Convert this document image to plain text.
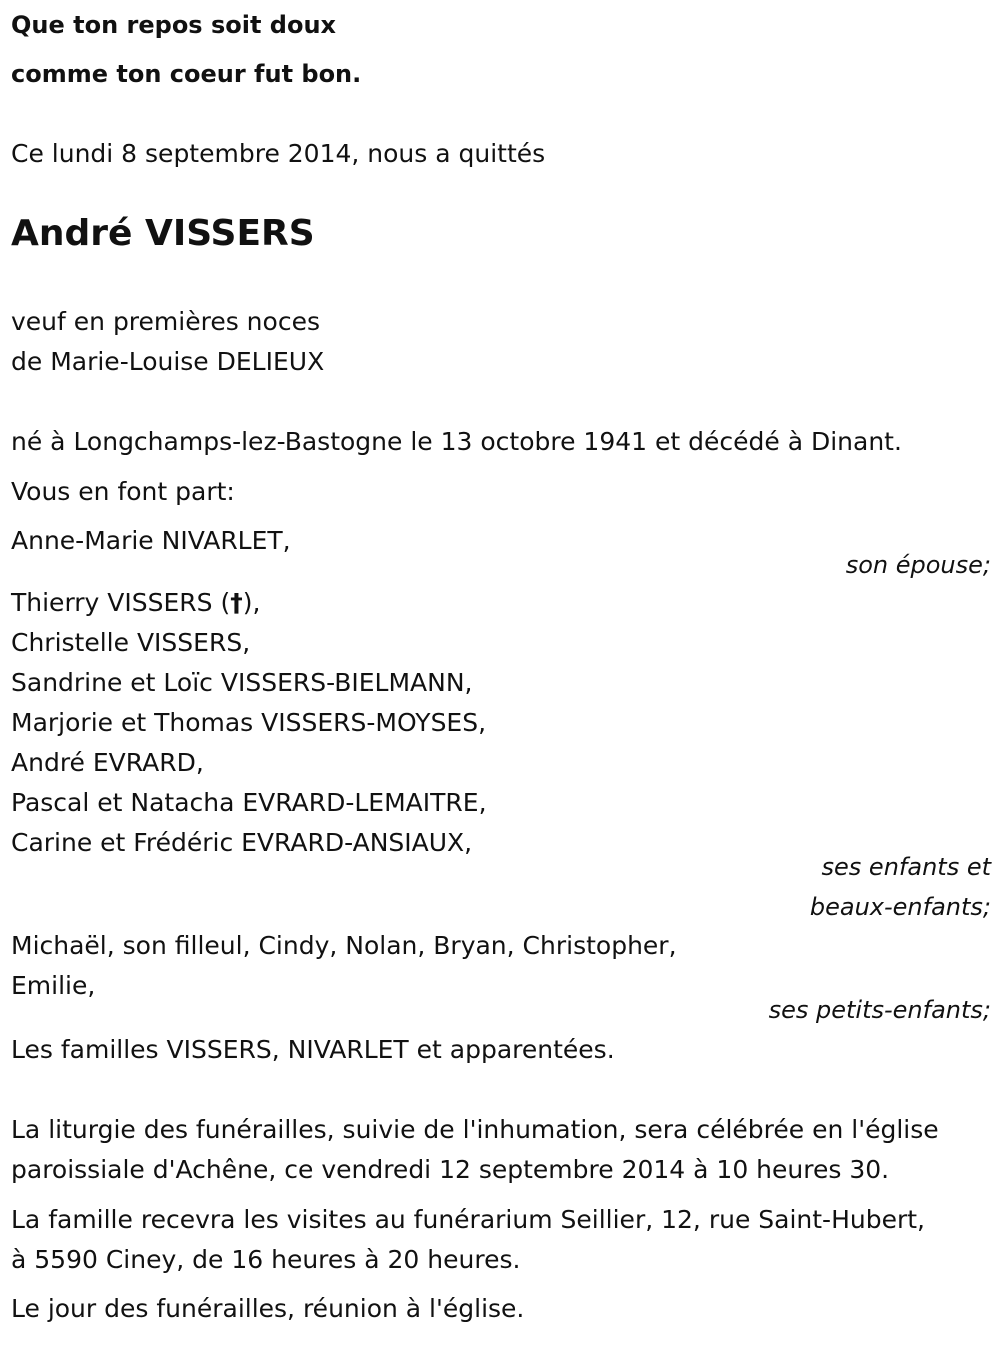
Que ton repos soit doux
comme ton coeur fut bon.
Ce lundi 8 septembre 2014, nous a quittés
André VISSERS
veuf en premières noces
de Marie-Louise DELIEUX
né à Longchamps-lez-Bastogne le 13 octobre 1941 et décédé à Dinant.
Vous en font part:
Anne-Marie NIVARLET,
son épouse;
Thierry VISSERS (†),
Christelle VISSERS,
Sandrine et Loïc VISSERS-BIELMANN,
Marjorie et Thomas VISSERS-MOYSES,
André EVRARD,
Pascal et Natacha EVRARD-LEMAITRE,
Carine et Frédéric EVRARD-ANSIAUX,
ses enfants et
beaux-enfants;
Michaël, son filleul, Cindy, Nolan, Bryan, Christopher,
Emilie,
ses petits-enfants;
Les familles VISSERS, NIVARLET et apparentées.
La liturgie des funérailles, suivie de l'inhumation, sera célébrée en l'église
paroissiale d'Achêne, ce vendredi 12 septembre 2014 à 10 heures 30.
La famille recevra les visites au funérarium Seillier, 12, rue Saint-Hubert,
à 5590 Ciney, de 16 heures à 20 heures.
Le jour des funérailles, réunion à l'église.
